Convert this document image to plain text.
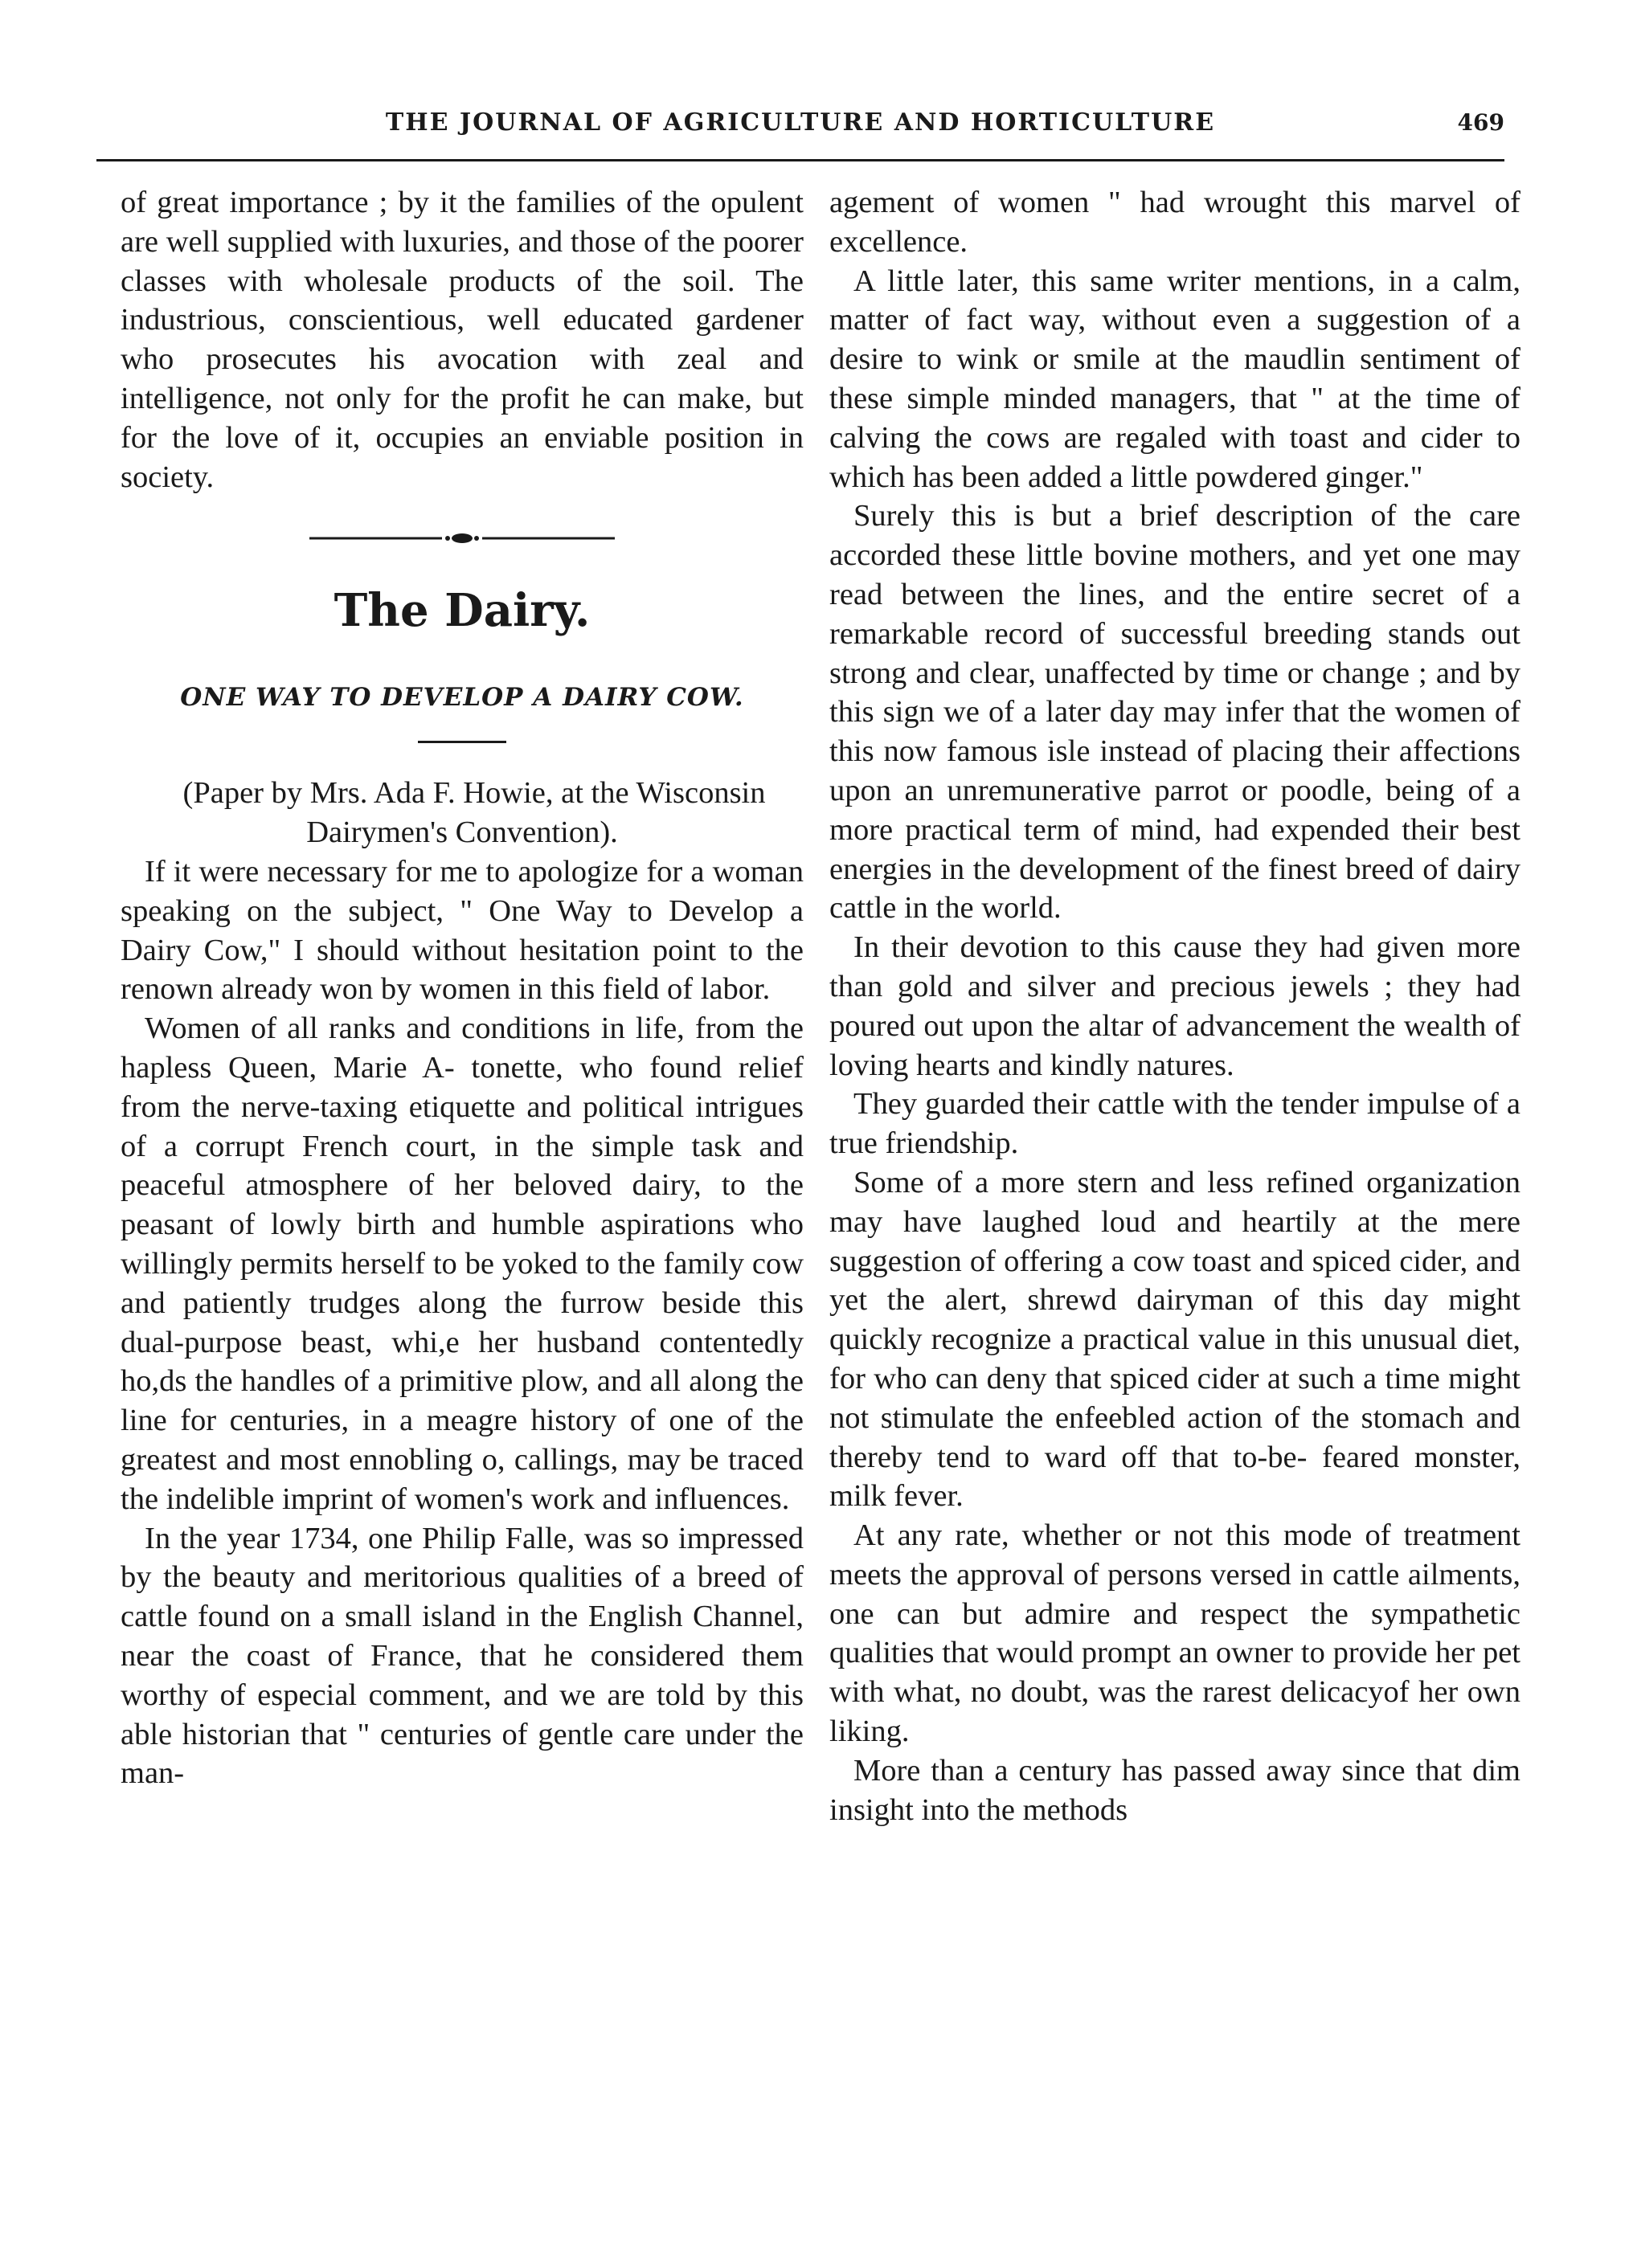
THE JOURNAL OF AGRICULTURE AND HORTICULTURE	469

of great importance ; by it the families of the opulent are well supplied with luxuries, and those of the poorer classes with wholesale products of the soil. The industrious, conscientious, well educated gardener who prosecutes his avocation with zeal and intelligence, not only for the profit he can make, but for the love of it, occupies an enviable position in society.

The Dairy.
ONE WAY TO DEVELOP A DAIRY COW.

(Paper by Mrs. Ada F. Howie, at the Wisconsin Dairymen's Convention).

If it were necessary for me to apologize for a woman speaking on the subject, " One Way to Develop a Dairy Cow," I should without hesitation point to the renown already won by women in this field of labor.

Women of all ranks and conditions in life, from the hapless Queen, Marie A- tonette, who found relief from the nerve-taxing etiquette and political intrigues of a corrupt French court, in the simple task and peaceful atmosphere of her beloved dairy, to the peasant of lowly birth and humble aspirations who willingly permits herself to be yoked to the family cow and patiently trudges along the furrow beside this dual-purpose beast, whi,e her husband contentedly ho,ds the handles of a primitive plow, and all along the line for centuries, in a meagre history of one of the greatest and most ennobling o, callings, may be traced the indelible imprint of women's work and influences.

In the year 1734, one Philip Falle, was so impressed by the beauty and meritorious qualities of a breed of cattle found on a small island in the English Channel, near the coast of France, that he considered them worthy of especial comment, and we are told by this able historian that " centuries of gentle care under the man-

agement of women " had wrought this marvel of excellence.

A little later, this same writer mentions, in a calm, matter of fact way, without even a suggestion of a desire to wink or smile at the maudlin sentiment of these simple minded managers, that " at the time of calving the cows are regaled with toast and cider to which has been added a little powdered ginger."

Surely this is but a brief description of the care accorded these little bovine mothers, and yet one may read between the lines, and the entire secret of a remarkable record of successful breeding stands out strong and clear, unaffected by time or change ; and by this sign we of a later day may infer that the women of this now famous isle instead of placing their affections upon an unremunerative parrot or poodle, being of a more practical term of mind, had expended their best energies in the development of the finest breed of dairy cattle in the world.

In their devotion to this cause they had given more than gold and silver and precious jewels ; they had poured out upon the altar of advancement the wealth of loving hearts and kindly natures.

They guarded their cattle with the tender impulse of a true friendship.

Some of a more stern and less refined organization may have laughed loud and heartily at the mere suggestion of offering a cow toast and spiced cider, and yet the alert, shrewd dairyman of this day might quickly recognize a practical value in this unusual diet, for who can deny that spiced cider at such a time might not stimulate the enfeebled action of the stomach and thereby tend to ward off that to-be- feared monster, milk fever.

At any rate, whether or not this mode of treatment meets the approval of persons versed in cattle ailments, one can but admire and respect the sympathetic qualities that would prompt an owner to provide her pet with what, no doubt, was the rarest delicacyof her own liking.

More than a century has passed away since that dim insight into the methods
